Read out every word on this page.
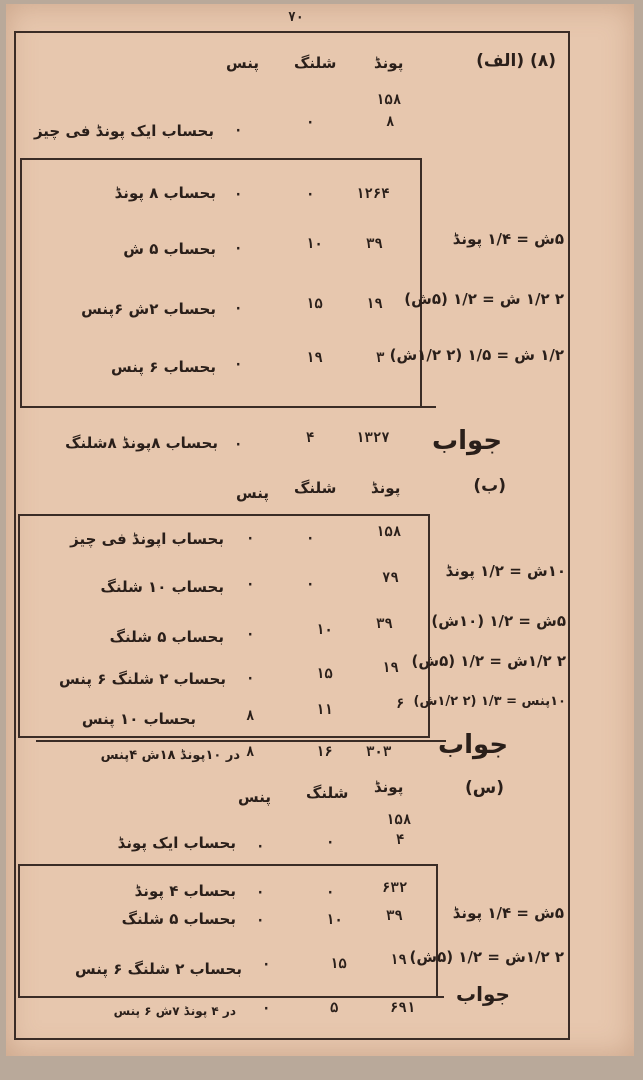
۷۰
(۸) (الف)
پونڈ
شلنگ
پنس
۱۵۸
۸
۰
۰
بحساب ایک پونڈ فی چیز
۱۲۶۴
۰
۰
بحساب ۸ پونڈ
۳۹
۱۰
۰
بحساب ۵ ش
۱۹
۱۵
۰
بحساب ۲ش ۶پنس
۳
۱۹
۰
بحساب ۶ پنس
۵ش = ۱/۴ پونڈ
۲ ۱/۲ ش = ۱/۲ (۵ش)
۱/۲ ش = ۱/۵ (۲ ۱/۲ش)
جواب
۱۳۲۷
۴
۰
بحساب ۸پونڈ ۸شلنگ
(ب)
پونڈ
شلنگ
پنس
۱۵۸
۰
۰
بحساب اپونڈ فی چیز
۷۹
۰
۰
بحساب ۱۰ شلنگ
۳۹
۱۰
۰
بحساب ۵ شلنگ
۱۹
۱۵
۰
بحساب ۲ شلنگ ۶ پنس
۶
۱۱
۸
بحساب ۱۰ پنس
۱۰ش = ۱/۲ پونڈ
۵ش = ۱/۲ (۱۰ش)
۲ ۱/۲ش = ۱/۲ (۵ش)
۱۰پنس = ۱/۳ (۲ ۱/۲ش)
جواب
۳۰۳
۱۶
۸
در ۱۰پونڈ ۱۸ش ۴پنس
(س)
پونڈ
شلنگ
پنس
۱۵۸
۴
۰
۰
بحساب ایک پونڈ
۶۳۲
۰
۰
بحساب ۴ پونڈ
۳۹
۱۰
۰
بحساب ۵ شلنگ
۱۹
۱۵
۰
بحساب ۲ شلنگ ۶ پنس
۵ش = ۱/۴ پونڈ
۲ ۱/۲ش = ۱/۲ (۵ش)
جواب
۶۹۱
۵
۰
در ۴ پونڈ ۷ش ۶ پنس
